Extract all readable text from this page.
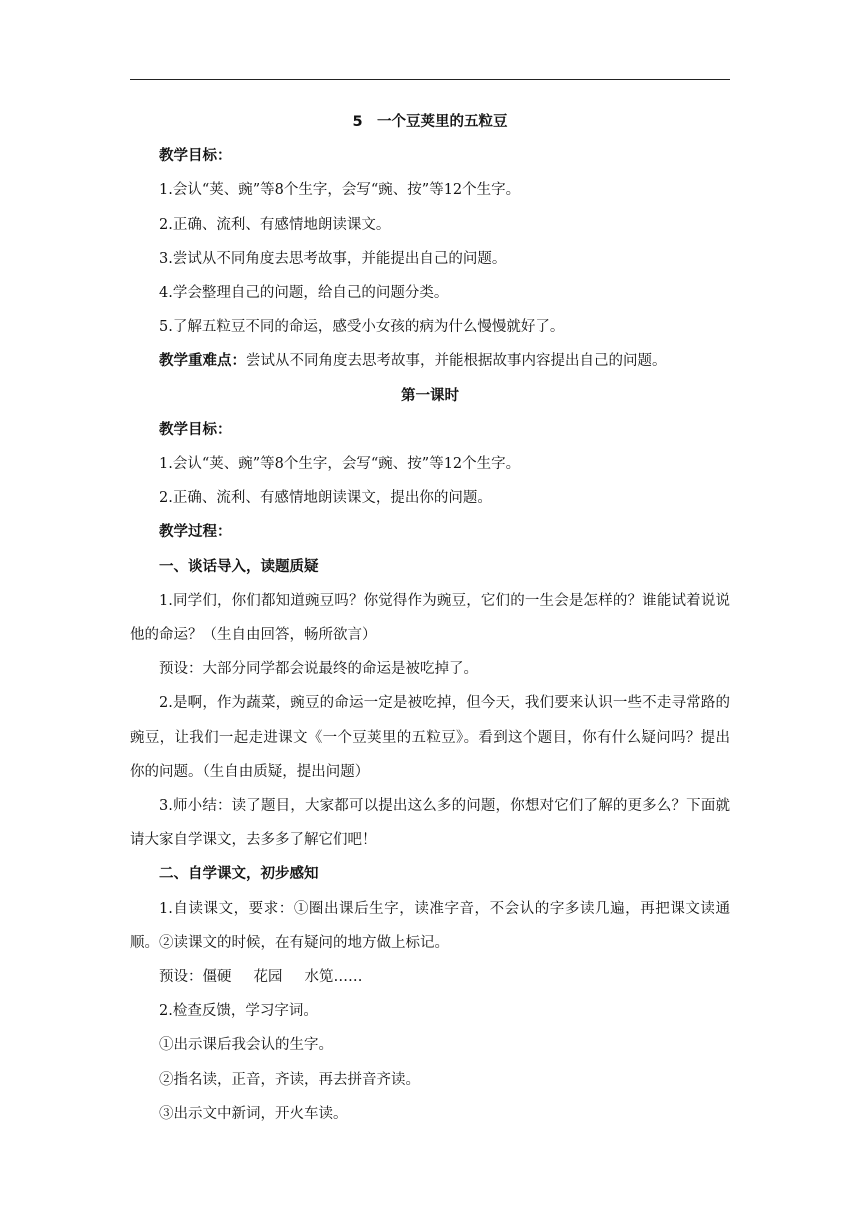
5　一个豆荚里的五粒豆

教学目标：

1.会认“荚、豌”等8个生字，会写“豌、按”等12个生字。

2.正确、流利、有感情地朗读课文。

3.尝试从不同角度去思考故事，并能提出自己的问题。

4.学会整理自己的问题，给自己的问题分类。

5.了解五粒豆不同的命运，感受小女孩的病为什么慢慢就好了。

教学重难点：尝试从不同角度去思考故事，并能根据故事内容提出自己的问题。

第一课时

教学目标：

1.会认“荚、豌”等8个生字，会写“豌、按”等12个生字。

2.正确、流利、有感情地朗读课文，提出你的问题。

教学过程：

一、谈话导入，读题质疑

1.同学们，你们都知道豌豆吗？你觉得作为豌豆，它们的一生会是怎样的？谁能试着说说他的命运？（生自由回答，畅所欲言）

预设：大部分同学都会说最终的命运是被吃掉了。

2.是啊，作为蔬菜，豌豆的命运一定是被吃掉，但今天，我们要来认识一些不走寻常路的豌豆，让我们一起走进课文《一个豆荚里的五粒豆》。看到这个题目，你有什么疑问吗？提出你的问题。（生自由质疑，提出问题）

3.师小结：读了题目，大家都可以提出这么多的问题，你想对它们了解的更多么？下面就请大家自学课文，去多多了解它们吧！

二、自学课文，初步感知

1.自读课文，要求：①圈出课后生字，读准字音，不会认的字多读几遍，再把课文读通顺。②读课文的时候，在有疑问的地方做上标记。

预设：僵硬 花园 水笕……

2.检查反馈，学习字词。

①出示课后我会认的生字。

②指名读，正音，齐读，再去拼音齐读。

③出示文中新词，开火车读。
